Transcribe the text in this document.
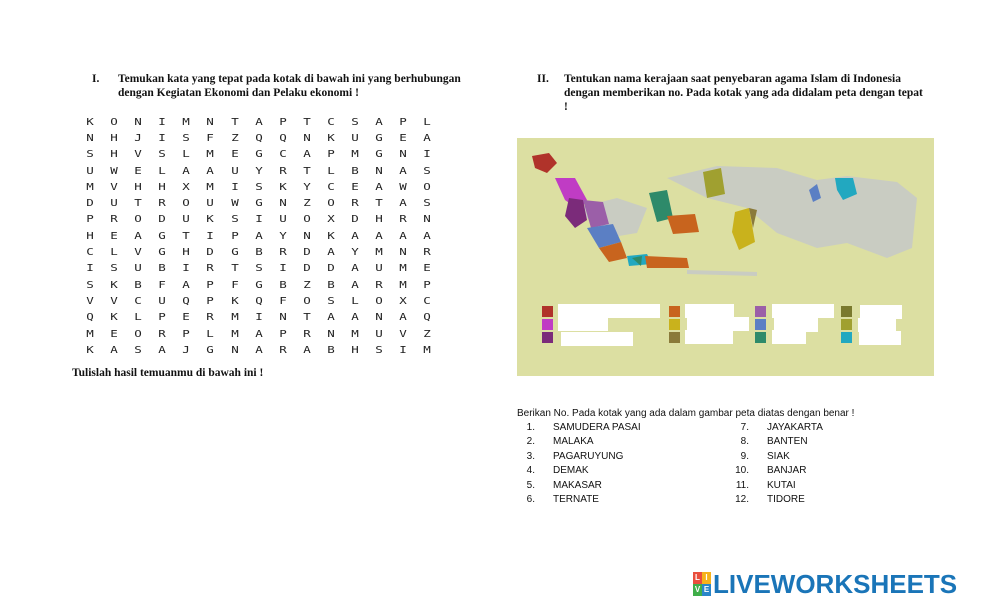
I. Temukan kata yang tepat pada kotak di bawah ini yang berhubungan dengan Kegiatan Ekonomi dan Pelaku ekonomi !
K	O	N	I	M	N	T	A	P	T	C	S	A	P	L
N	H	J	I	S	F	Z	Q	Q	N	K	U	G	E	A
S	H	V	S	L	M	E	G	C	A	P	M	G	N	I
U	W	E	L	A	A	U	Y	R	T	L	B	N	A	S
M	V	H	H	X	M	I	S	K	Y	C	E	A	W	O
D	U	T	R	O	U	W	G	N	Z	O	R	T	A	S
P	R	O	D	U	K	S	I	U	O	X	D	H	R	N
H	E	A	G	T	I	P	A	Y	N	K	A	A	A	A
C	L	V	G	H	D	G	B	R	D	A	Y	M	N	R
I	S	U	B	I	R	T	S	I	D	D	A	U	M	E
S	K	B	F	A	P	F	G	B	Z	B	A	R	M	P
V	V	C	U	Q	P	K	Q	F	O	S	L	O	X	C
Q	K	L	P	E	R	M	I	N	T	A	A	N	A	Q
M	E	O	R	P	L	M	A	P	R	N	M	U	V	Z
K	A	S	A	J	G	N	A	R	A	B	H	S	I	M
Tulislah hasil temuanmu di bawah ini !
II. Tentukan nama kerajaan saat penyebaran agama Islam di Indonesia dengan memberikan no. Pada kotak yang ada didalam peta dengan tepat !
Berikan No. Pada kotak yang ada dalam gambar peta diatas dengan benar !
1. SAMUDERA PASAI
2. MALAKA
3. PAGARUYUNG
4. DEMAK
5. MAKASAR
6. TERNATE
7. JAYAKARTA
8. BANTEN
9. SIAK
10. BANJAR
11. KUTAI
12. TIDORE
L I
V E LIVEWORKSHEETS
